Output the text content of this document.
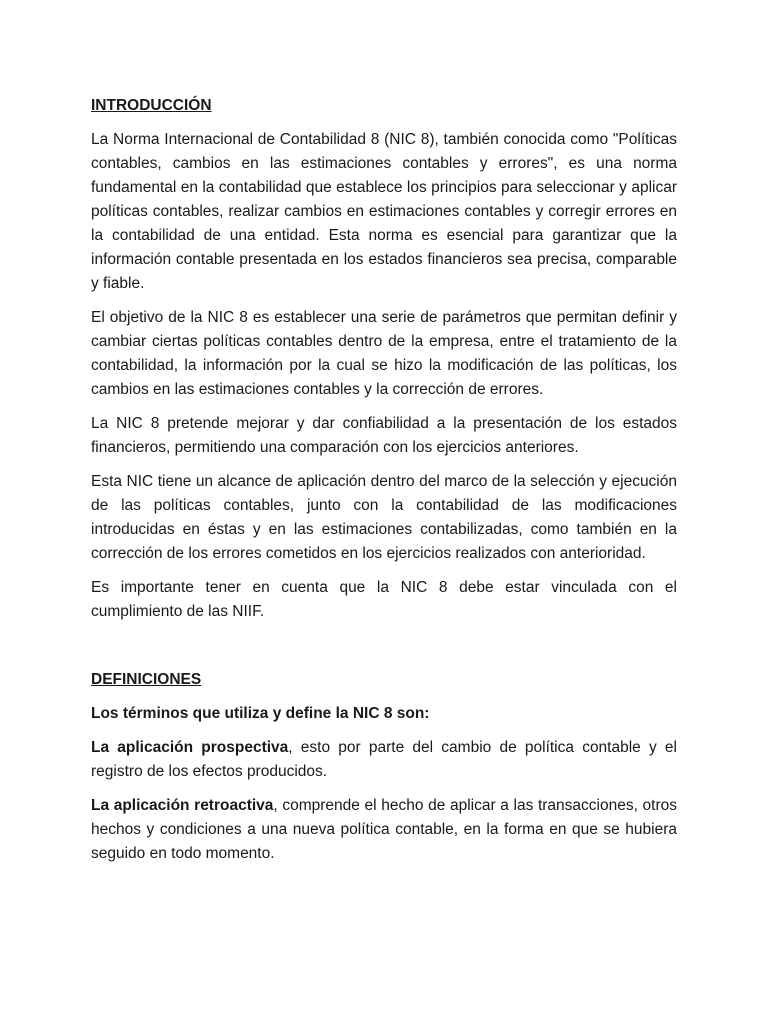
INTRODUCCIÓN

La Norma Internacional de Contabilidad 8 (NIC 8), también conocida como "Políticas contables, cambios en las estimaciones contables y errores", es una norma fundamental en la contabilidad que establece los principios para seleccionar y aplicar políticas contables, realizar cambios en estimaciones contables y corregir errores en la contabilidad de una entidad. Esta norma es esencial para garantizar que la información contable presentada en los estados financieros sea precisa, comparable y fiable.

El objetivo de la NIC 8 es establecer una serie de parámetros que permitan definir y cambiar ciertas políticas contables dentro de la empresa, entre el tratamiento de la contabilidad, la información por la cual se hizo la modificación de las políticas, los cambios en las estimaciones contables y la corrección de errores.

La NIC 8 pretende mejorar y dar confiabilidad a la presentación de los estados financieros, permitiendo una comparación con los ejercicios anteriores.

Esta NIC tiene un alcance de aplicación dentro del marco de la selección y ejecución de las políticas contables, junto con la contabilidad de las modificaciones introducidas en éstas y en las estimaciones contabilizadas, como también en la corrección de los errores cometidos en los ejercicios realizados con anterioridad.

Es importante tener en cuenta que la NIC 8 debe estar vinculada con el cumplimiento de las NIIF.

DEFINICIONES

Los términos que utiliza y define la NIC 8 son:

La aplicación prospectiva, esto por parte del cambio de política contable y el registro de los efectos producidos.

La aplicación retroactiva, comprende el hecho de aplicar a las transacciones, otros hechos y condiciones a una nueva política contable, en la forma en que se hubiera seguido en todo momento.
